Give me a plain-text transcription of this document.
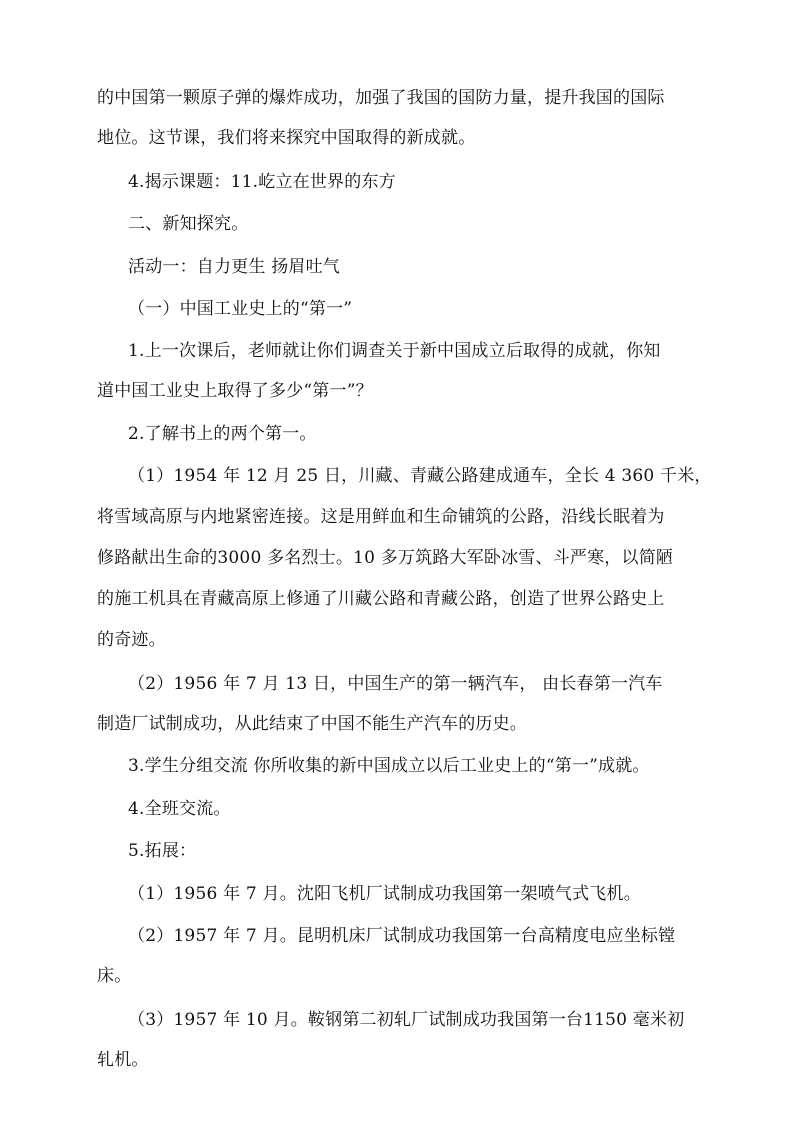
的中国第一颗原子弹的爆炸成功，加强了我国的国防力量，提升我国的国际
地位。这节课，我们将来探究中国取得的新成就。
4.揭示课题：11.屹立在世界的东方
二、新知探究。
活动一：自力更生 扬眉吐气
（一）中国工业史上的“第一”
1.上一次课后，老师就让你们调查关于新中国成立后取得的成就，你知
道中国工业史上取得了多少“第一”？
2.了解书上的两个第一。
（1）1954 年 12 月 25 日，川藏、青藏公路建成通车，全长 4 360 千米，
将雪域高原与内地紧密连接。这是用鲜血和生命铺筑的公路，沿线长眠着为
修路献出生命的3000 多名烈士。10 多万筑路大军卧冰雪、斗严寒，以简陋
的施工机具在青藏高原上修通了川藏公路和青藏公路，创造了世界公路史上
的奇迹。
（2）1956 年 7 月 13 日，中国生产的第一辆汽车， 由长春第一汽车
制造厂试制成功，从此结束了中国不能生产汽车的历史。
3.学生分组交流 你所收集的新中国成立以后工业史上的“第一”成就。
4.全班交流。
5.拓展：
（1）1956 年 7 月。沈阳飞机厂试制成功我国第一架喷气式飞机。
（2）1957 年 7 月。昆明机床厂试制成功我国第一台高精度电应坐标镗
床。
（3）1957 年 10 月。鞍钢第二初轧厂试制成功我国第一台1150 毫米初
轧机。
